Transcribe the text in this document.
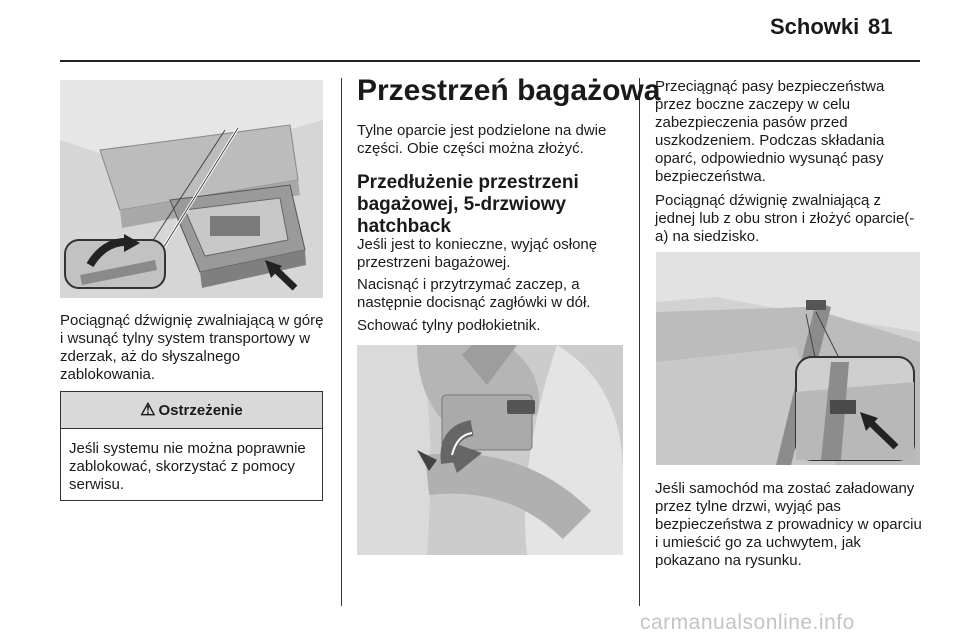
Schowki 81
Pociągnąć dźwignię zwalniającą w górę i wsunąć tylny system transportowy w zderzak, aż do słyszalnego zablokowania.
⚠ Ostrzeżenie
Jeśli systemu nie można poprawnie zablokować, skorzystać z pomocy serwisu.
Przestrzeń bagażowa
Tylne oparcie jest podzielone na dwie części. Obie części można złożyć.
Przedłużenie przestrzeni bagażowej, 5-drzwiowy hatchback
Jeśli jest to konieczne, wyjąć osłonę przestrzeni bagażowej.
Nacisnąć i przytrzymać zaczep, a następnie docisnąć zagłówki w dół.
Schować tylny podłokietnik.
Przeciągnąć pasy bezpieczeństwa przez boczne zaczepy w celu zabezpieczenia pasów przed uszkodzeniem. Podczas składania oparć, odpowiednio wysunąć pasy bezpieczeństwa.
Pociągnąć dźwignię zwalniającą z jednej lub z obu stron i złożyć oparcie(-a) na siedzisko.
Jeśli samochód ma zostać załadowany przez tylne drzwi, wyjąć pas bezpieczeństwa z prowadnicy w oparciu i umieścić go za uchwytem, jak pokazano na rysunku.
carmanualsonline.info
